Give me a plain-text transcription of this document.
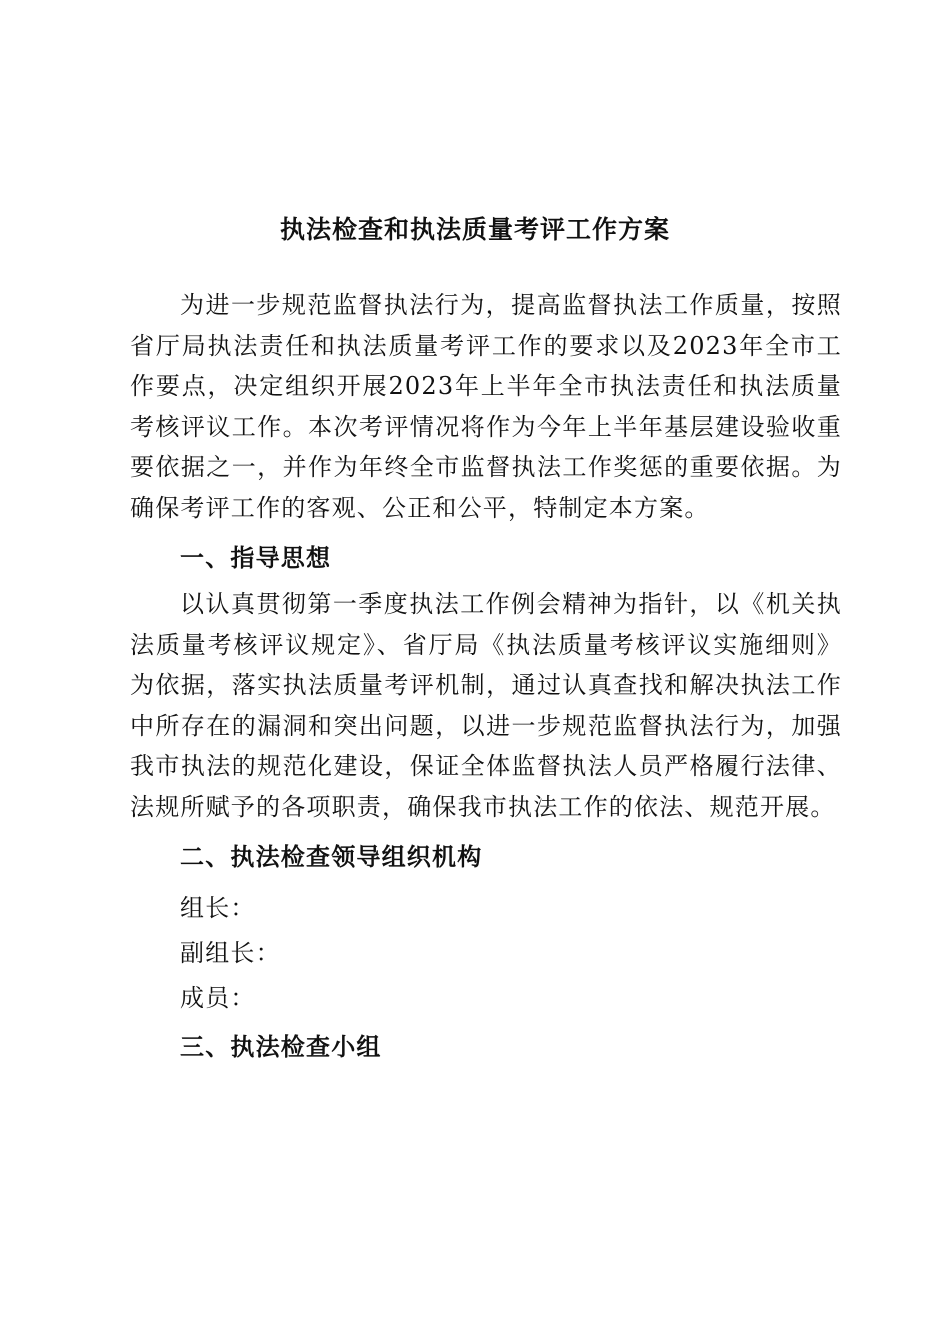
执法检查和执法质量考评工作方案

为进一步规范监督执法行为，提高监督执法工作质量，按照省厅局执法责任和执法质量考评工作的要求以及2023年全市工作要点，决定组织开展2023年上半年全市执法责任和执法质量考核评议工作。本次考评情况将作为今年上半年基层建设验收重要依据之一，并作为年终全市监督执法工作奖惩的重要依据。为确保考评工作的客观、公正和公平，特制定本方案。

一、指导思想

以认真贯彻第一季度执法工作例会精神为指针，以《机关执法质量考核评议规定》、省厅局《执法质量考核评议实施细则》为依据，落实执法质量考评机制，通过认真查找和解决执法工作中所存在的漏洞和突出问题，以进一步规范监督执法行为，加强我市执法的规范化建设，保证全体监督执法人员严格履行法律、法规所赋予的各项职责，确保我市执法工作的依法、规范开展。

二、执法检查领导组织机构
组长：
副组长：
成员：
三、执法检查小组
